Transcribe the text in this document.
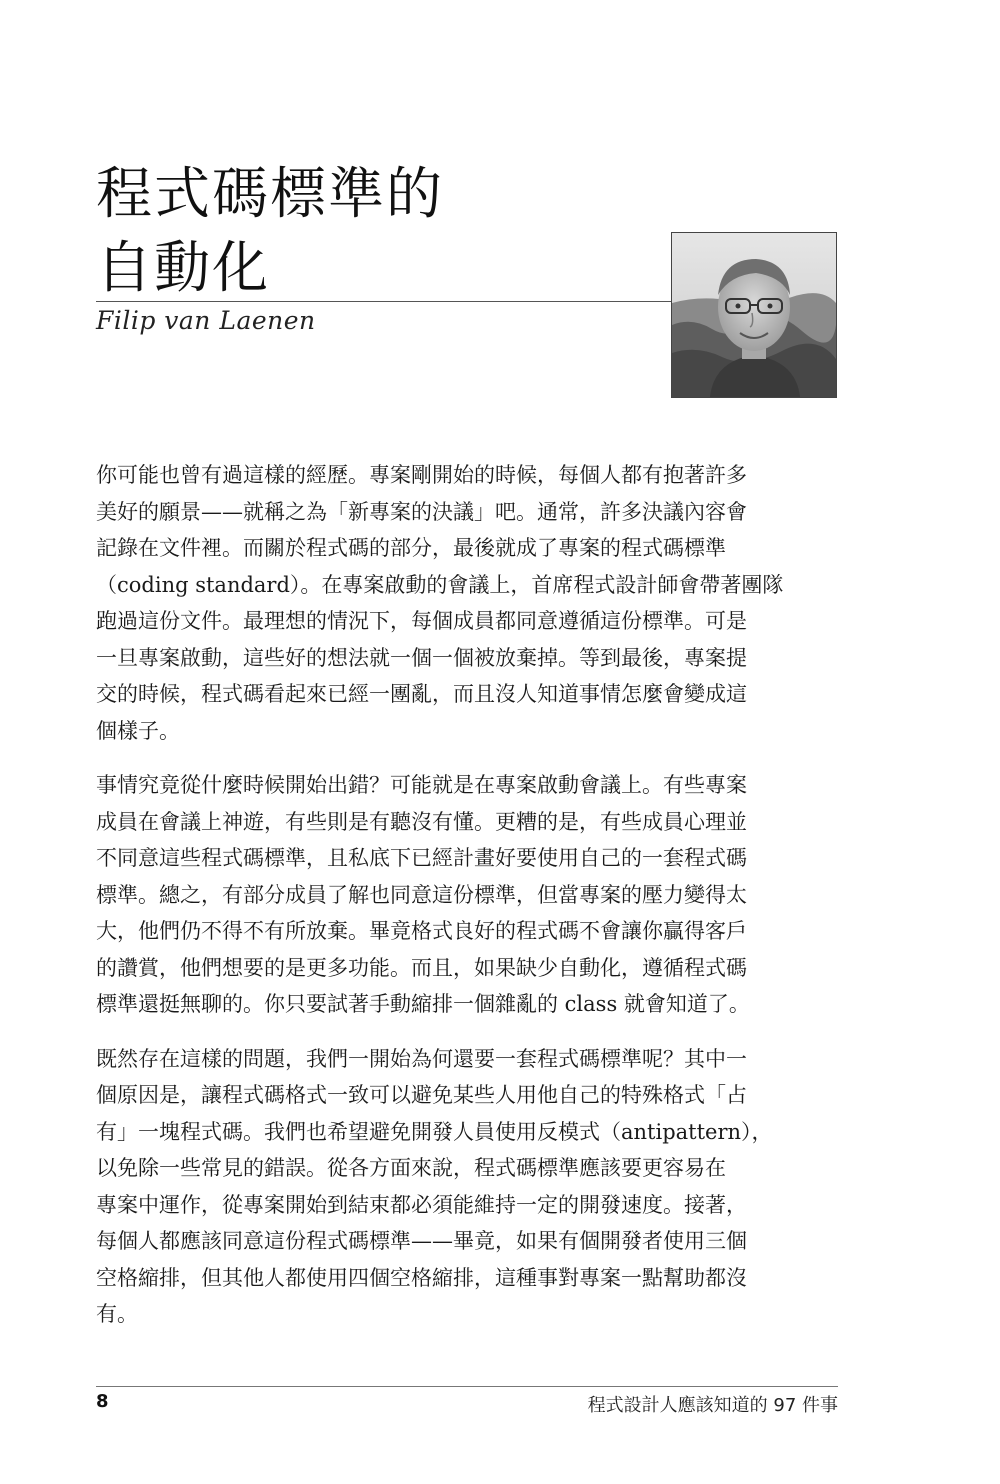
程式碼標準的
自動化
Filip van Laenen

你可能也曾有過這樣的經歷。專案剛開始的時候，每個人都有抱著許多
美好的願景——就稱之為「新專案的決議」吧。通常，許多決議內容會
記錄在文件裡。而關於程式碼的部分，最後就成了專案的程式碼標準
（coding standard）。在專案啟動的會議上，首席程式設計師會帶著團隊
跑過這份文件。最理想的情況下，每個成員都同意遵循這份標準。可是
一旦專案啟動，這些好的想法就一個一個被放棄掉。等到最後，專案提
交的時候，程式碼看起來已經一團亂，而且沒人知道事情怎麼會變成這
個樣子。

事情究竟從什麼時候開始出錯？可能就是在專案啟動會議上。有些專案
成員在會議上神遊，有些則是有聽沒有懂。更糟的是，有些成員心理並
不同意這些程式碼標準，且私底下已經計畫好要使用自己的一套程式碼
標準。總之，有部分成員了解也同意這份標準，但當專案的壓力變得太
大，他們仍不得不有所放棄。畢竟格式良好的程式碼不會讓你贏得客戶
的讚賞，他們想要的是更多功能。而且，如果缺少自動化，遵循程式碼
標準還挺無聊的。你只要試著手動縮排一個雜亂的 class 就會知道了。

既然存在這樣的問題，我們一開始為何還要一套程式碼標準呢？其中一
個原因是，讓程式碼格式一致可以避免某些人用他自己的特殊格式「占
有」一塊程式碼。我們也希望避免開發人員使用反模式（antipattern），
以免除一些常見的錯誤。從各方面來說，程式碼標準應該要更容易在
專案中運作，從專案開始到結束都必須能維持一定的開發速度。接著，
每個人都應該同意這份程式碼標準——畢竟，如果有個開發者使用三個
空格縮排，但其他人都使用四個空格縮排，這種事對專案一點幫助都沒
有。

8	程式設計人應該知道的 97 件事
